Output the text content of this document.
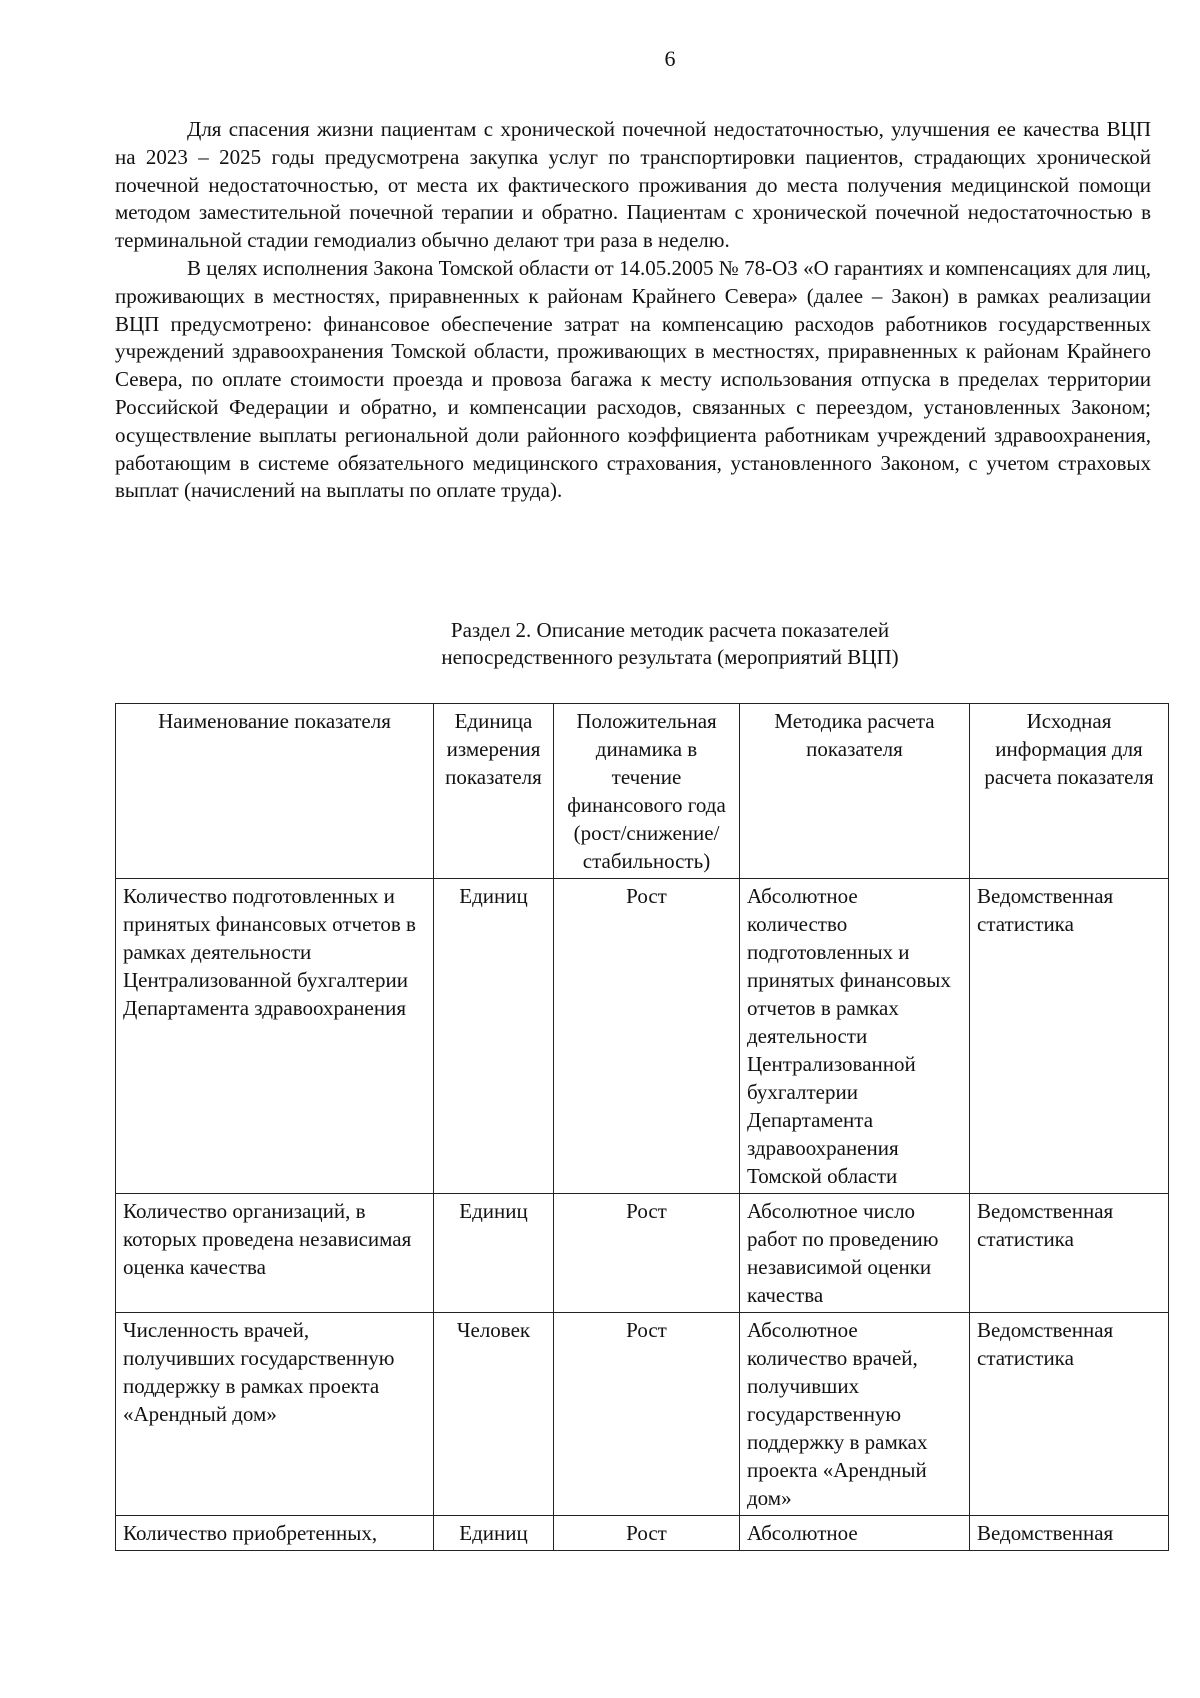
6

Для спасения жизни пациентам с хронической почечной недостаточностью, улучшения ее качества ВЦП на 2023 – 2025 годы предусмотрена закупка услуг по транспортировки пациентов, страдающих хронической почечной недостаточностью, от места их фактического проживания до места получения медицинской помощи методом заместительной почечной терапии и обратно. Пациентам с хронической почечной недостаточностью в терминальной стадии гемодиализ обычно делают три раза в неделю.

В целях исполнения Закона Томской области от 14.05.2005 № 78-ОЗ «О гарантиях и компенсациях для лиц, проживающих в местностях, приравненных к районам Крайнего Севера» (далее – Закон) в рамках реализации ВЦП предусмотрено: финансовое обеспечение затрат на компенсацию расходов работников государственных учреждений здравоохранения Томской области, проживающих в местностях, приравненных к районам Крайнего Севера, по оплате стоимости проезда и провоза багажа к месту использования отпуска в пределах территории Российской Федерации и обратно, и компенсации расходов, связанных с переездом, установленных Законом; осуществление выплаты региональной доли районного коэффициента работникам учреждений здравоохранения, работающим в системе обязательного медицинского страхования, установленного Законом, с учетом страховых выплат (начислений на выплаты по оплате труда).

Раздел 2. Описание методик расчета показателей
непосредственного результата (мероприятий ВЦП)
Наименование показателя	Единица измерения показателя	Положительная динамика в течение финансового года (рост/снижение/ стабильность)	Методика расчета показателя	Исходная информация для расчета показателя
Количество подготовленных и принятых финансовых отчетов в рамках деятельности Централизованной бухгалтерии Департамента здравоохранения	Единиц	Рост	Абсолютное количество подготовленных и принятых финансовых отчетов в рамках деятельности Централизованной бухгалтерии Департамента здравоохранения Томской области	Ведомственная статистика
Количество организаций, в которых проведена независимая оценка качества	Единиц	Рост	Абсолютное число работ по проведению независимой оценки качества	Ведомственная статистика
Численность врачей, получивших государственную поддержку в рамках проекта «Арендный дом»	Человек	Рост	Абсолютное количество врачей, получивших государственную поддержку в рамках проекта «Арендный дом»	Ведомственная статистика
Количество приобретенных,	Единиц	Рост	Абсолютное	Ведомственная
